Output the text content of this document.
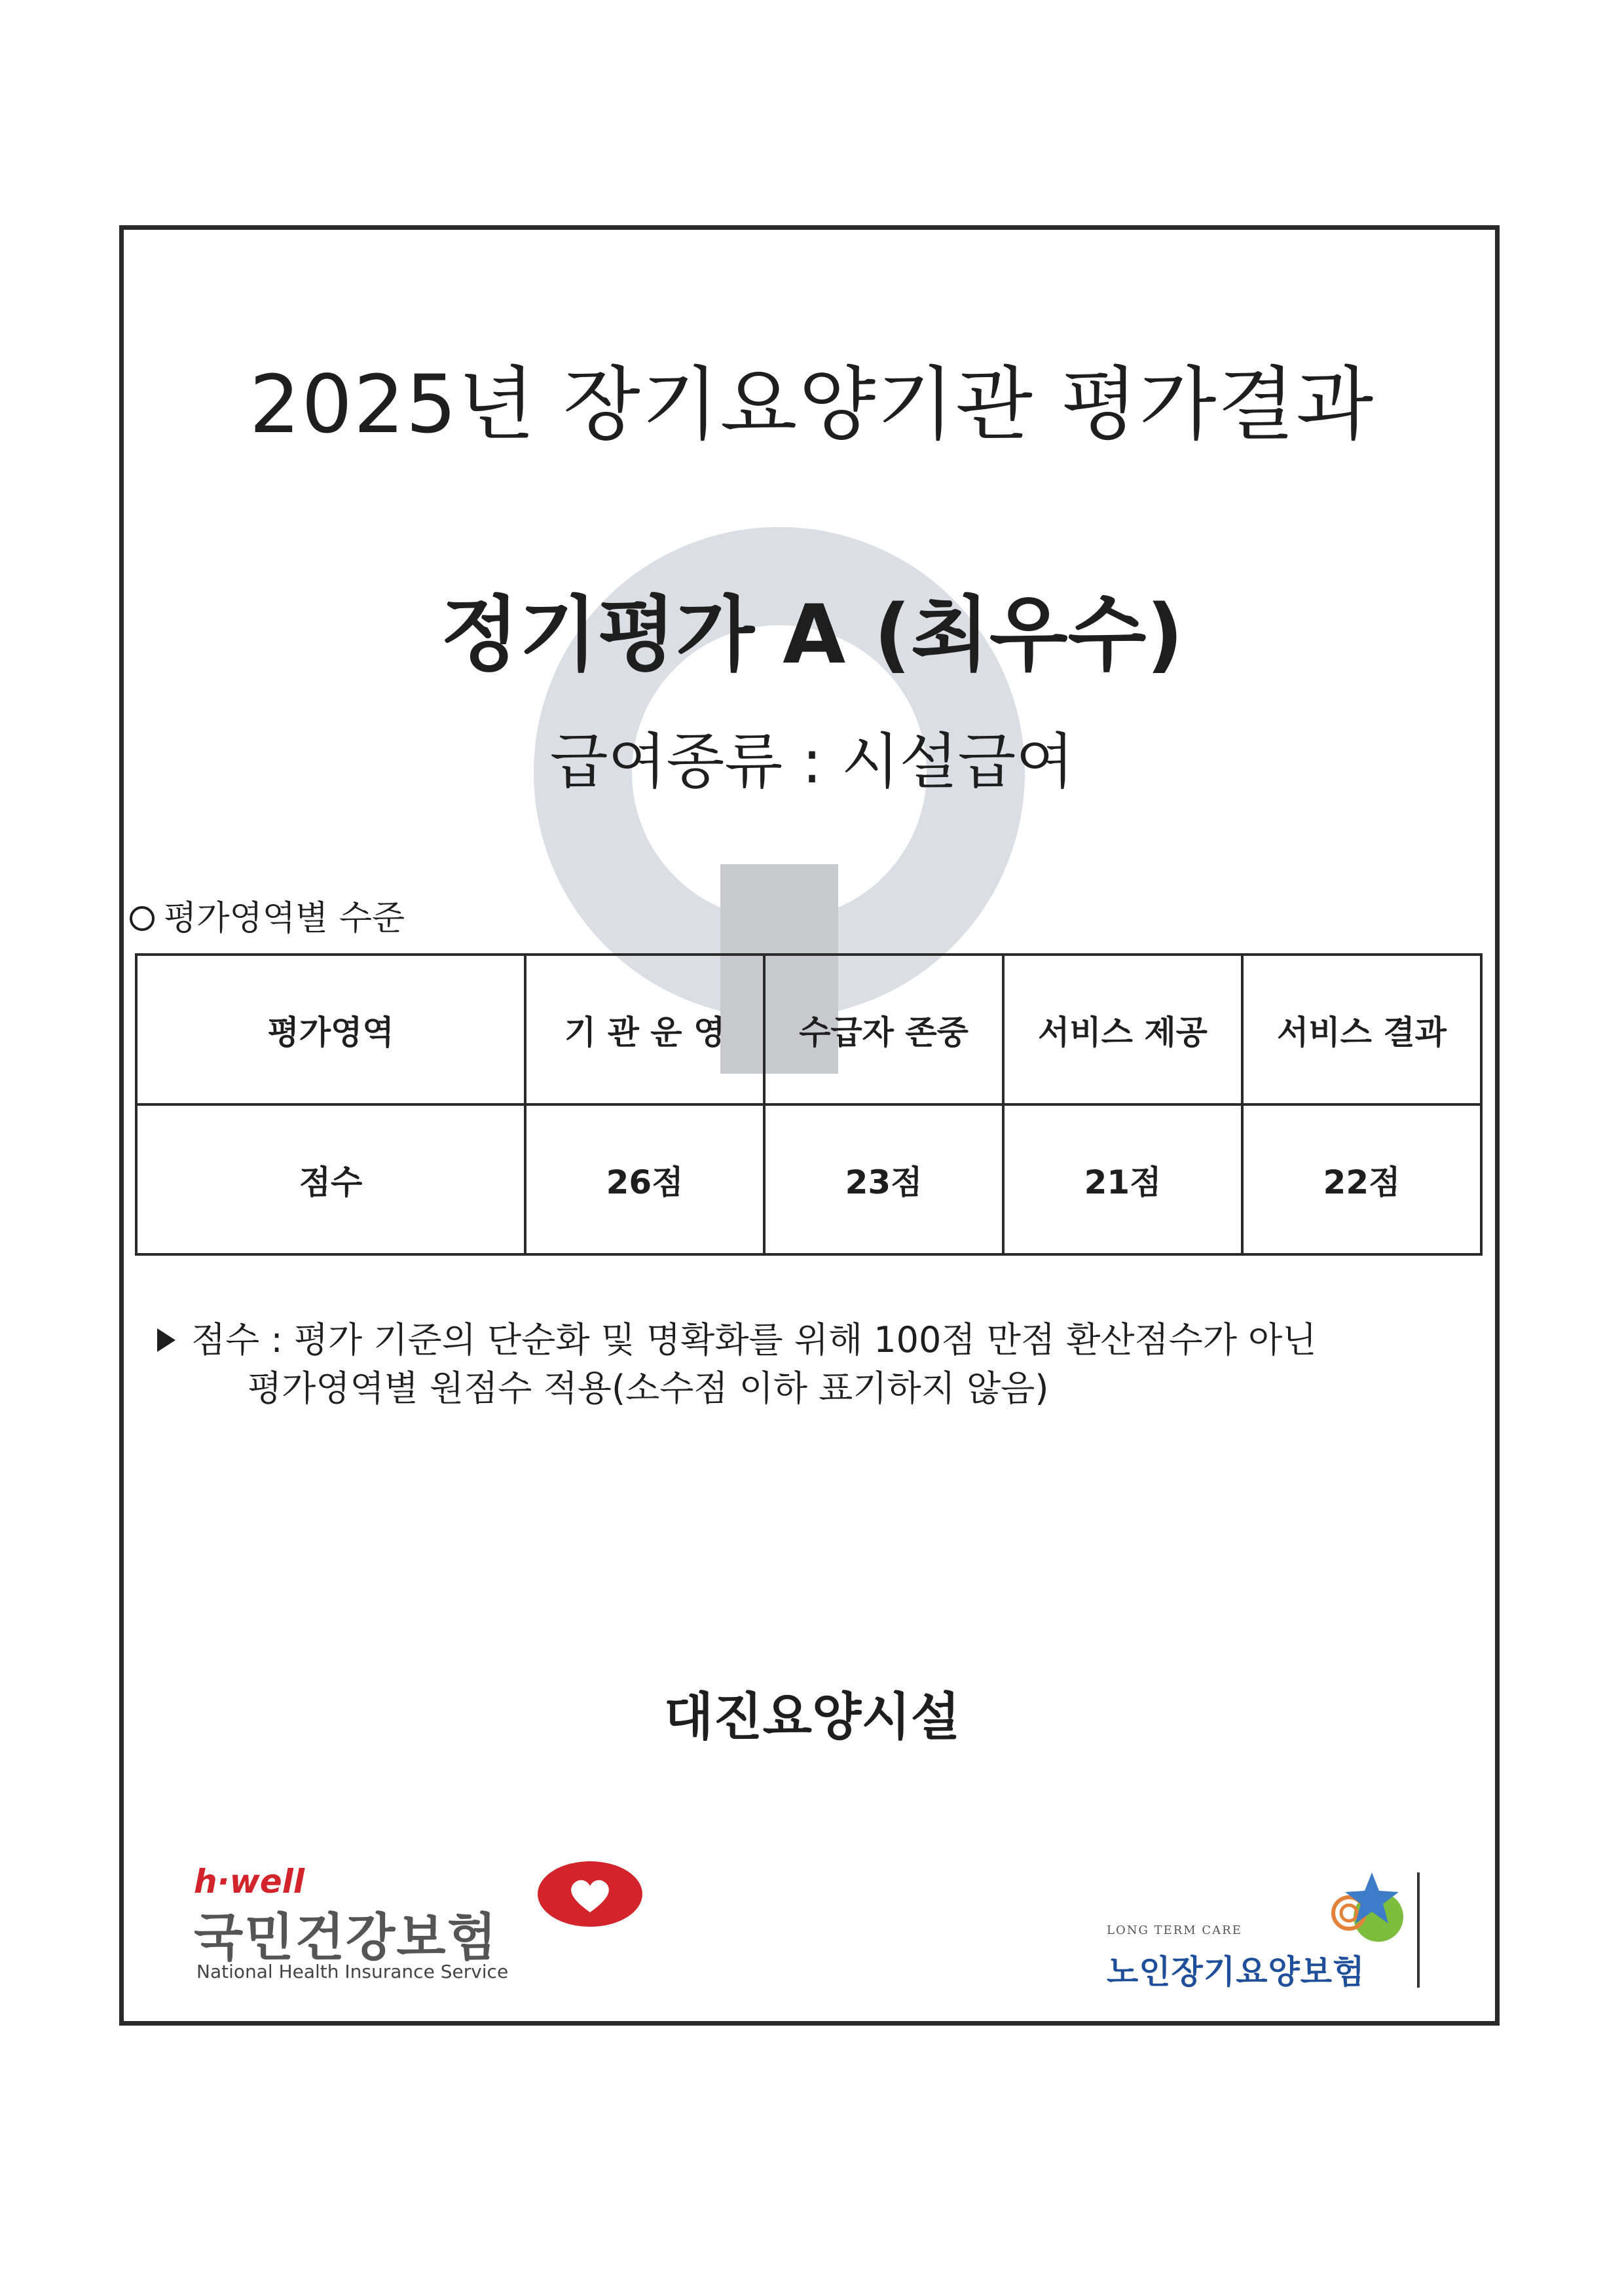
2025년 장기요양기관 평가결과
정기평가 A (최우수)
급여종류 : 시설급여
평가영역별 수준
평가영역	기 관 운 영	수급자 존중	서비스 제공	서비스 결과
점수	26점	23점	21점	22점
점수 : 평가 기준의 단순화 및 명확화를 위해 100점 만점 환산점수가 아닌
평가영역별 원점수 적용(소수점 이하 표기하지 않음)
대진요양시설
h·well
국민건강보험
National Health Insurance Service
LONG TERM CARE
노인장기요양보험
